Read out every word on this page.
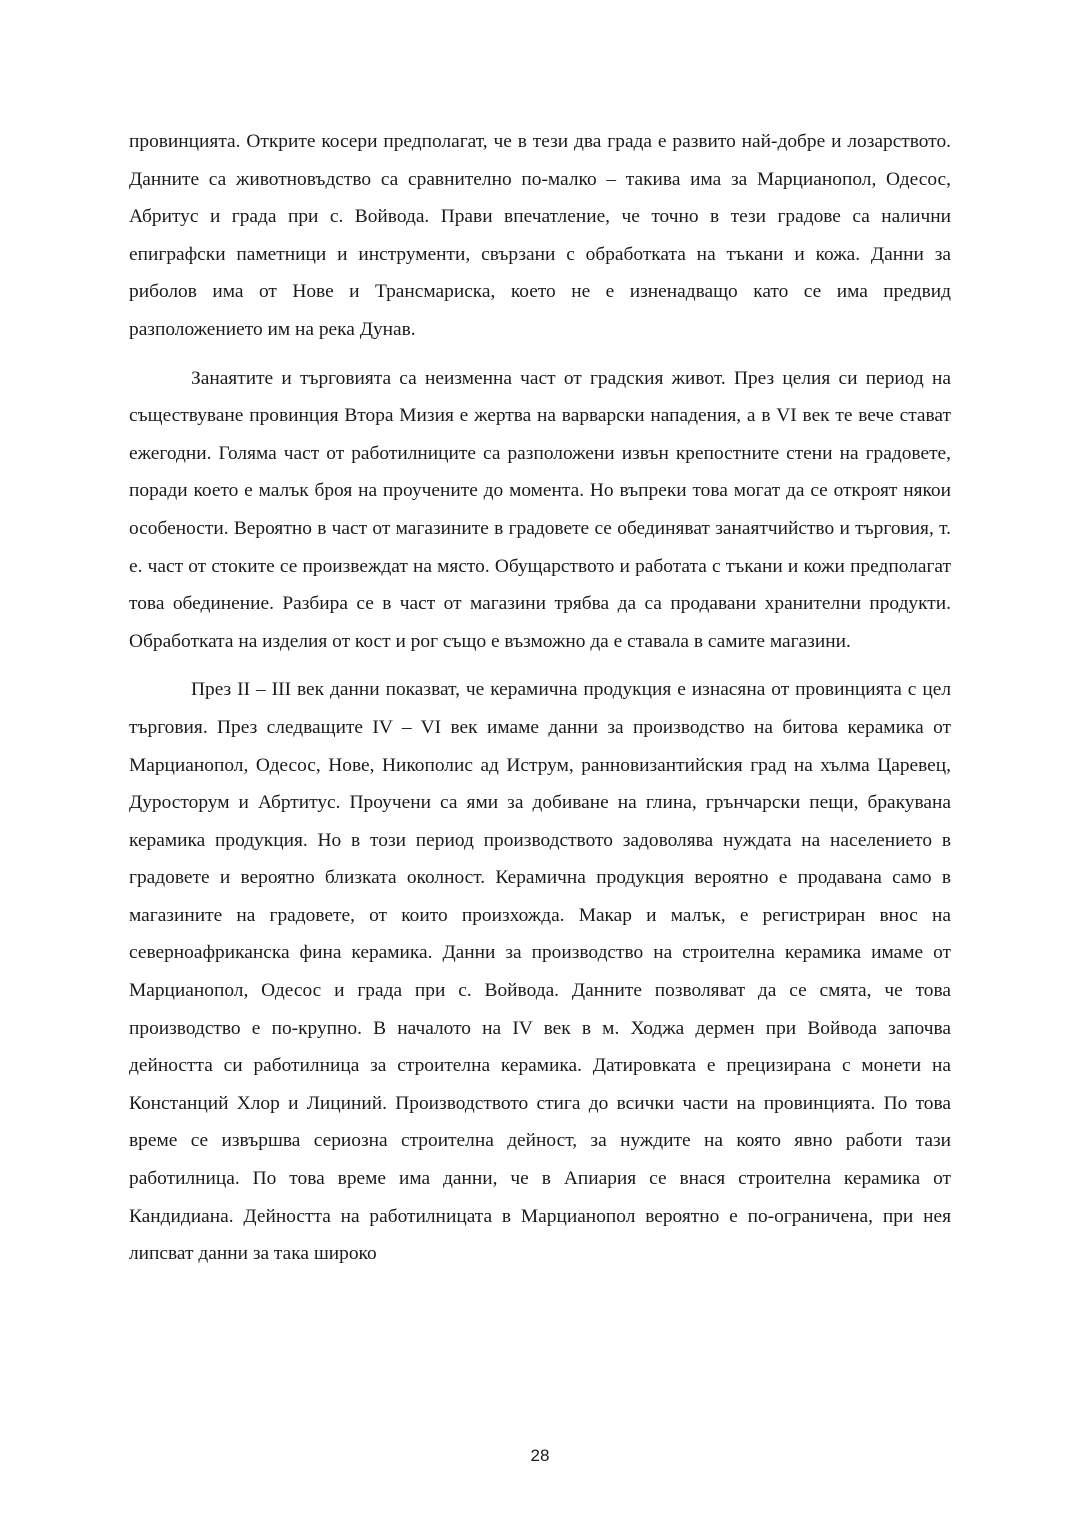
провинцията. Открите косери предполагат, че в тези два града е развито най-добре и лозарството. Данните са животновъдство са сравнително по-малко – такива има за Марцианопол, Одесос, Абритус и града при с. Войвода. Прави впечатление, че точно в тези градове са налични епиграфски паметници и инструменти, свързани с обработката на тъкани и кожа. Данни за риболов има от Нове и Трансмариска, което не е изненадващо като се има предвид разположението им на река Дунав.

Занаятите и търговията са неизменна част от градския живот. През целия си период на съществуване провинция Втора Мизия е жертва на варварски нападения, а в VI век те вече стават ежегодни. Голяма част от работилниците са разположени извън крепостните стени на градовете, поради което е малък броя на проучените до момента. Но въпреки това могат да се откроят някои особености. Вероятно в част от магазините в градовете се обединяват занаятчийство и търговия, т. е. част от стоките се произвеждат на място. Обущарството и работата с тъкани и кожи предполагат това обединение. Разбира се в част от магазини трябва да са продавани хранителни продукти. Обработката на изделия от кост и рог също е възможно да е ставала в самите магазини.

През II – III век данни показват, че керамична продукция е изнасяна от провинцията с цел търговия. През следващите IV – VI век имаме данни за производство на битова керамика от Марцианопол, Одесос, Нове, Никополис ад Иструм, ранновизантийския град на хълма Царевец, Дуросторум и Абртитус. Проучени са ями за добиване на глина, грънчарски пещи, бракувана керамика продукция. Но в този период производството задоволява нуждата на населението в градовете и вероятно близката околност. Керамична продукция вероятно е продавана само в магазините на градовете, от които произхожда. Макар и малък, е регистриран внос на северноафриканска фина керамика. Данни за производство на строителна керамика имаме от Марцианопол, Одесос и града при с. Войвода. Данните позволяват да се смята, че това производство е по-крупно. В началото на IV век в м. Ходжа дермен при Войвода започва дейността си работилница за строителна керамика. Датировката е прецизирана с монети на Констанций Хлор и Лициний. Производството стига до всички части на провинцията. По това време се извършва сериозна строителна дейност, за нуждите на която явно работи тази работилница. По това време има данни, че в Апиария се внася строителна керамика от Кандидиана. Дейността на работилницата в Марцианопол вероятно е по-ограничена, при нея липсват данни за така широко

28
